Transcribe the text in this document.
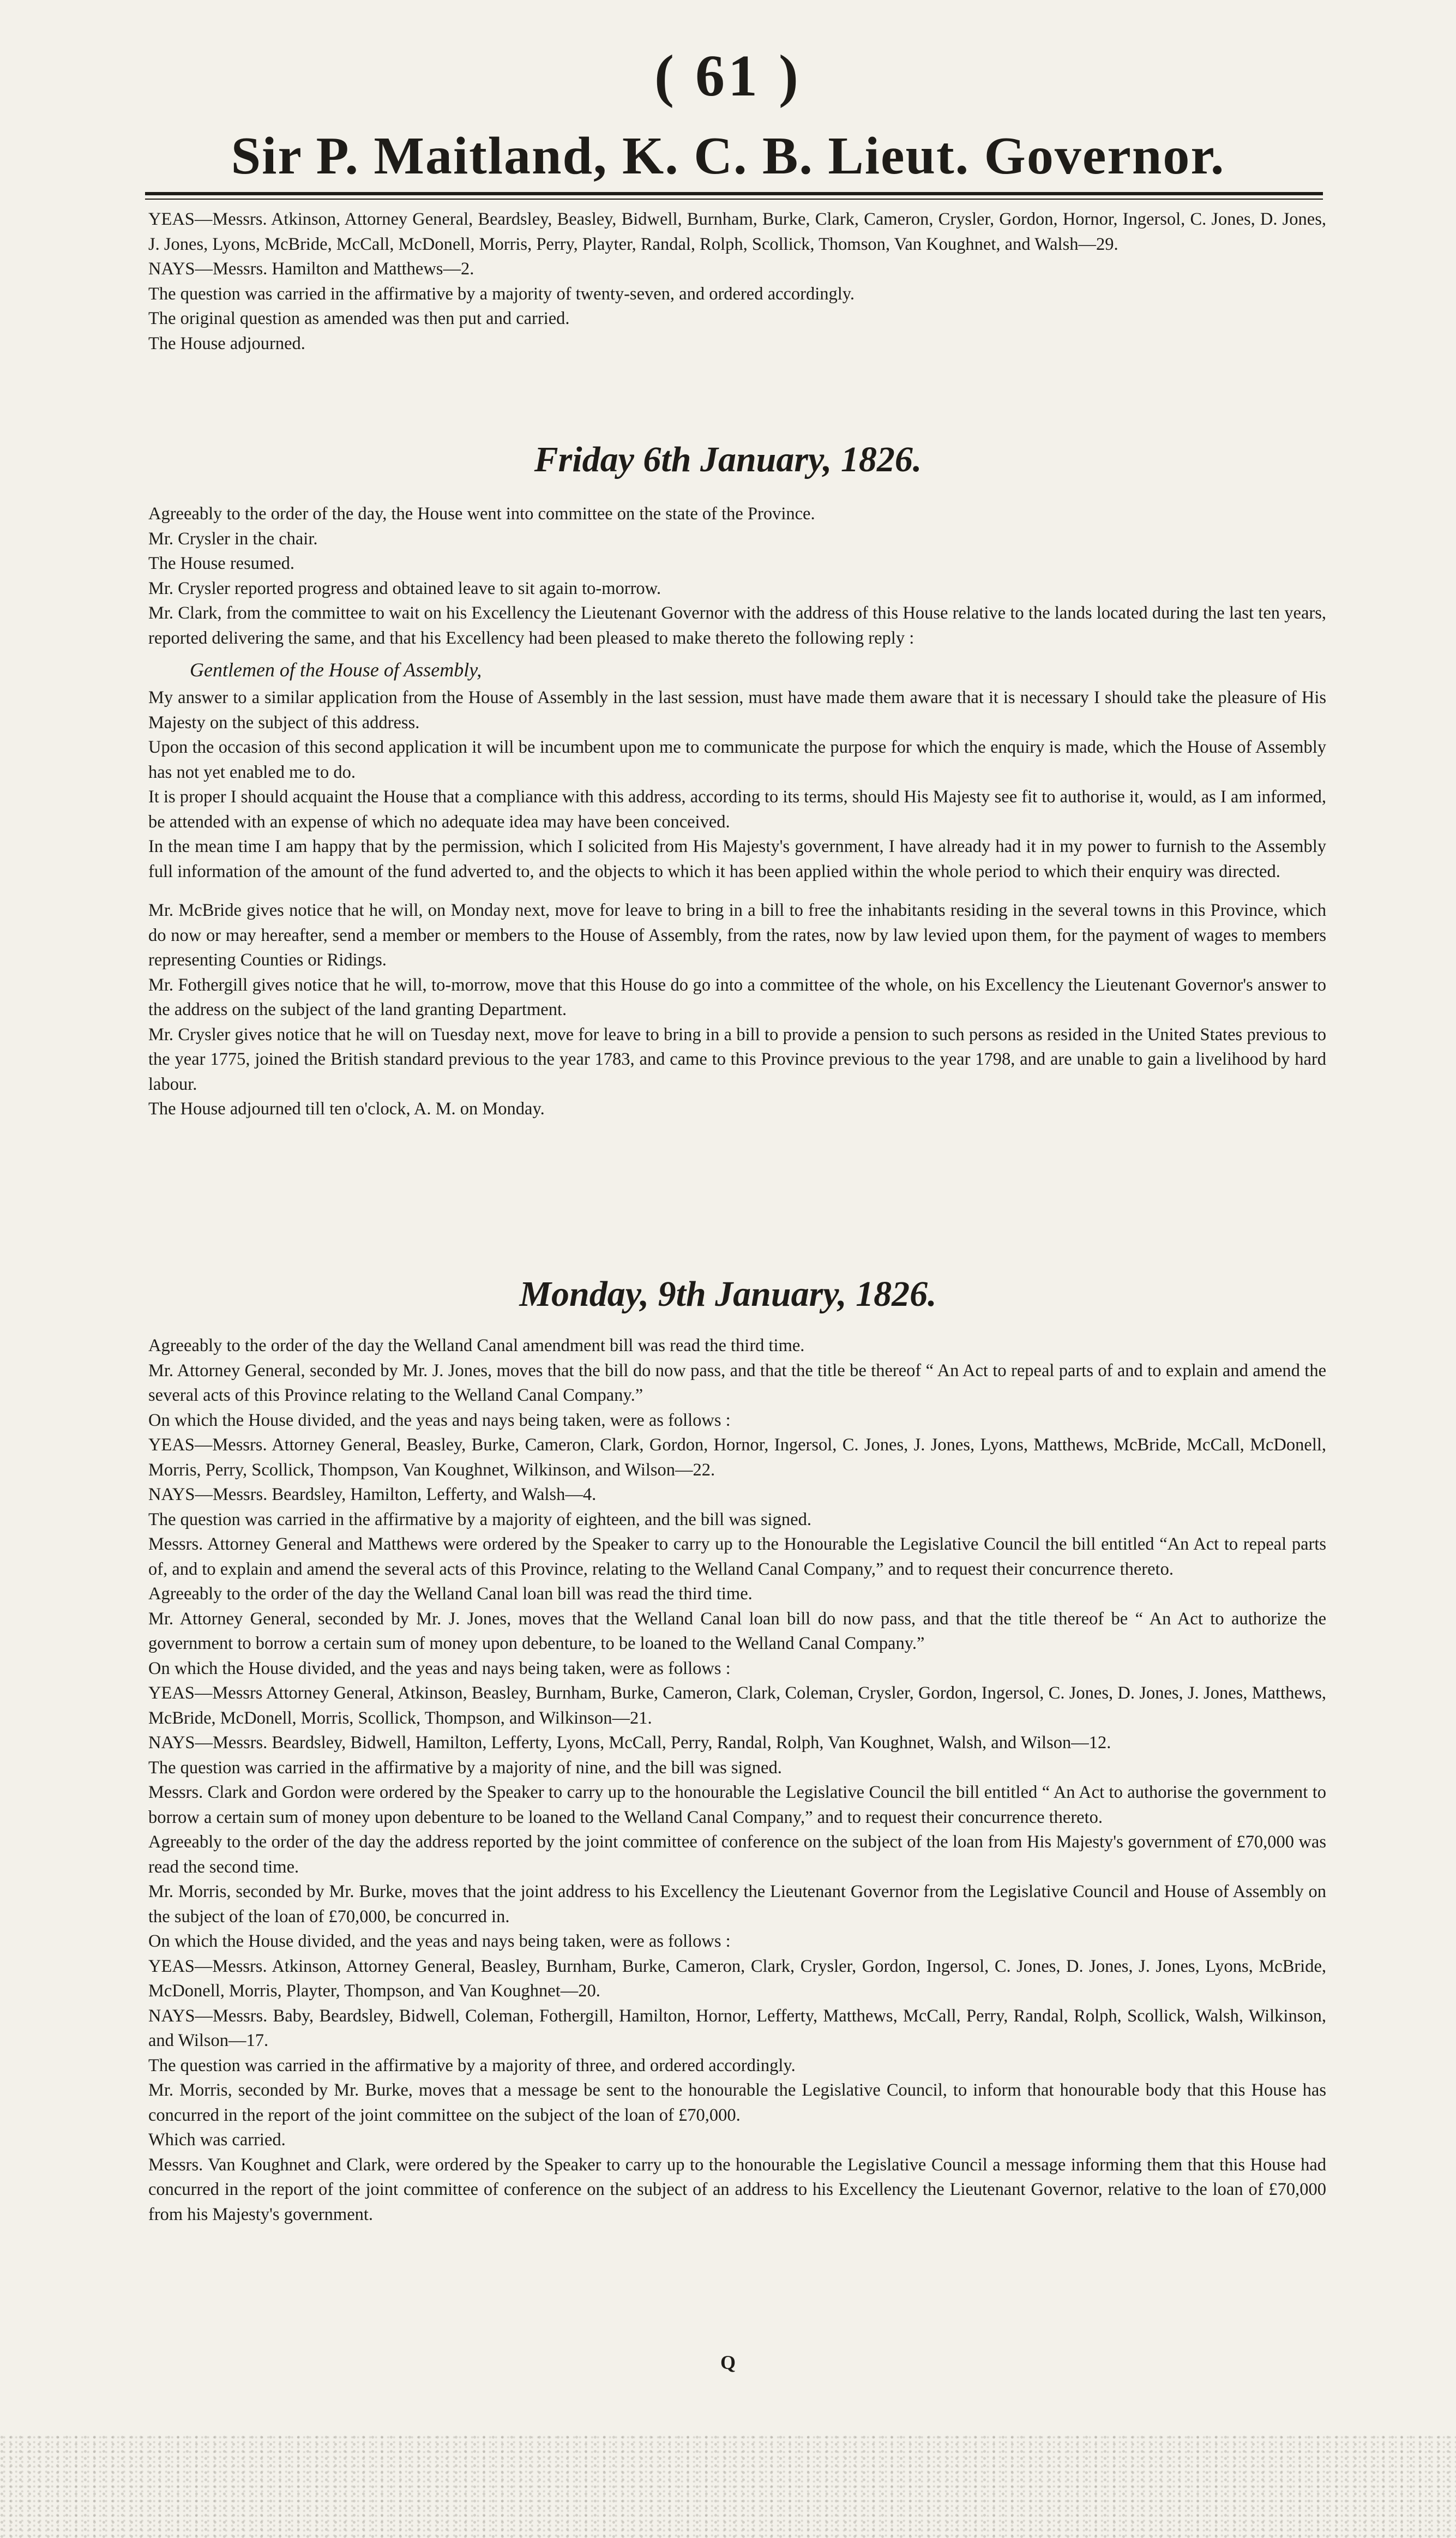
( 61 )
Sir P. Maitland, K. C. B. Lieut. Governor.

YEAS—Messrs. Atkinson, Attorney General, Beardsley, Beasley, Bidwell, Burnham, Burke, Clark, Cameron, Crysler, Gordon, Hornor, Ingersol, C. Jones, D. Jones, J. Jones, Lyons, McBride, McCall, McDonell, Morris, Perry, Playter, Randal, Rolph, Scollick, Thomson, Van Koughnet, and Walsh—29.

NAYS—Messrs. Hamilton and Matthews—2.

The question was carried in the affirmative by a majority of twenty-seven, and ordered accordingly.

The original question as amended was then put and carried.

The House adjourned.

Friday 6th January, 1826.

Agreeably to the order of the day, the House went into committee on the state of the Province.

Mr. Crysler in the chair.

The House resumed.

Mr. Crysler reported progress and obtained leave to sit again to-morrow.

Mr. Clark, from the committee to wait on his Excellency the Lieutenant Governor with the address of this House relative to the lands located during the last ten years, reported delivering the same, and that his Excellency had been pleased to make thereto the following reply :

Gentlemen of the House of Assembly,

My answer to a similar application from the House of Assembly in the last session, must have made them aware that it is necessary I should take the pleasure of His Majesty on the subject of this address.

Upon the occasion of this second application it will be incumbent upon me to communicate the purpose for which the enquiry is made, which the House of Assembly has not yet enabled me to do.

It is proper I should acquaint the House that a compliance with this address, according to its terms, should His Majesty see fit to authorise it, would, as I am informed, be attended with an expense of which no adequate idea may have been conceived.

In the mean time I am happy that by the permission, which I solicited from His Majesty's government, I have already had it in my power to furnish to the Assembly full information of the amount of the fund adverted to, and the objects to which it has been applied within the whole period to which their enquiry was directed.

Mr. McBride gives notice that he will, on Monday next, move for leave to bring in a bill to free the inhabitants residing in the several towns in this Province, which do now or may hereafter, send a member or members to the House of Assembly, from the rates, now by law levied upon them, for the payment of wages to members representing Counties or Ridings.

Mr. Fothergill gives notice that he will, to-morrow, move that this House do go into a committee of the whole, on his Excellency the Lieutenant Governor's answer to the address on the subject of the land granting Department.

Mr. Crysler gives notice that he will on Tuesday next, move for leave to bring in a bill to provide a pension to such persons as resided in the United States previous to the year 1775, joined the British standard previous to the year 1783, and came to this Province previous to the year 1798, and are unable to gain a livelihood by hard labour.

The House adjourned till ten o'clock, A. M. on Monday.

Monday, 9th January, 1826.

Agreeably to the order of the day the Welland Canal amendment bill was read the third time.

Mr. Attorney General, seconded by Mr. J. Jones, moves that the bill do now pass, and that the title be thereof “ An Act to repeal parts of and to explain and amend the several acts of this Province relating to the Welland Canal Company.”

On which the House divided, and the yeas and nays being taken, were as follows :

YEAS—Messrs. Attorney General, Beasley, Burke, Cameron, Clark, Gordon, Hornor, Ingersol, C. Jones, J. Jones, Lyons, Matthews, McBride, McCall, McDonell, Morris, Perry, Scollick, Thompson, Van Koughnet, Wilkinson, and Wilson—22.

NAYS—Messrs. Beardsley, Hamilton, Lefferty, and Walsh—4.

The question was carried in the affirmative by a majority of eighteen, and the bill was signed.

Messrs. Attorney General and Matthews were ordered by the Speaker to carry up to the Honourable the Legislative Council the bill entitled “An Act to repeal parts of, and to explain and amend the several acts of this Province, relating to the Welland Canal Company,” and to request their concurrence thereto.

Agreeably to the order of the day the Welland Canal loan bill was read the third time.

Mr. Attorney General, seconded by Mr. J. Jones, moves that the Welland Canal loan bill do now pass, and that the title thereof be “ An Act to authorize the government to borrow a certain sum of money upon debenture, to be loaned to the Welland Canal Company.”

On which the House divided, and the yeas and nays being taken, were as follows :

YEAS—Messrs Attorney General, Atkinson, Beasley, Burnham, Burke, Cameron, Clark, Coleman, Crysler, Gordon, Ingersol, C. Jones, D. Jones, J. Jones, Matthews, McBride, McDonell, Morris, Scollick, Thompson, and Wilkinson—21.

NAYS—Messrs. Beardsley, Bidwell, Hamilton, Lefferty, Lyons, McCall, Perry, Randal, Rolph, Van Koughnet, Walsh, and Wilson—12.

The question was carried in the affirmative by a majority of nine, and the bill was signed.

Messrs. Clark and Gordon were ordered by the Speaker to carry up to the honourable the Legislative Council the bill entitled “ An Act to authorise the government to borrow a certain sum of money upon debenture to be loaned to the Welland Canal Company,” and to request their concurrence thereto.

Agreeably to the order of the day the address reported by the joint committee of conference on the subject of the loan from His Majesty's government of £70,000 was read the second time.

Mr. Morris, seconded by Mr. Burke, moves that the joint address to his Excellency the Lieutenant Governor from the Legislative Council and House of Assembly on the subject of the loan of £70,000, be concurred in.

On which the House divided, and the yeas and nays being taken, were as follows :

YEAS—Messrs. Atkinson, Attorney General, Beasley, Burnham, Burke, Cameron, Clark, Crysler, Gordon, Ingersol, C. Jones, D. Jones, J. Jones, Lyons, McBride, McDonell, Morris, Playter, Thompson, and Van Koughnet—20.

NAYS—Messrs. Baby, Beardsley, Bidwell, Coleman, Fothergill, Hamilton, Hornor, Lefferty, Matthews, McCall, Perry, Randal, Rolph, Scollick, Walsh, Wilkinson, and Wilson—17.

The question was carried in the affirmative by a majority of three, and ordered accordingly.

Mr. Morris, seconded by Mr. Burke, moves that a message be sent to the honourable the Legislative Council, to inform that honourable body that this House has concurred in the report of the joint committee on the subject of the loan of £70,000.

Which was carried.

Messrs. Van Koughnet and Clark, were ordered by the Speaker to carry up to the honourable the Legislative Council a message informing them that this House had concurred in the report of the joint committee of conference on the subject of an address to his Excellency the Lieutenant Governor, relative to the loan of £70,000 from his Majesty's government.

Q
